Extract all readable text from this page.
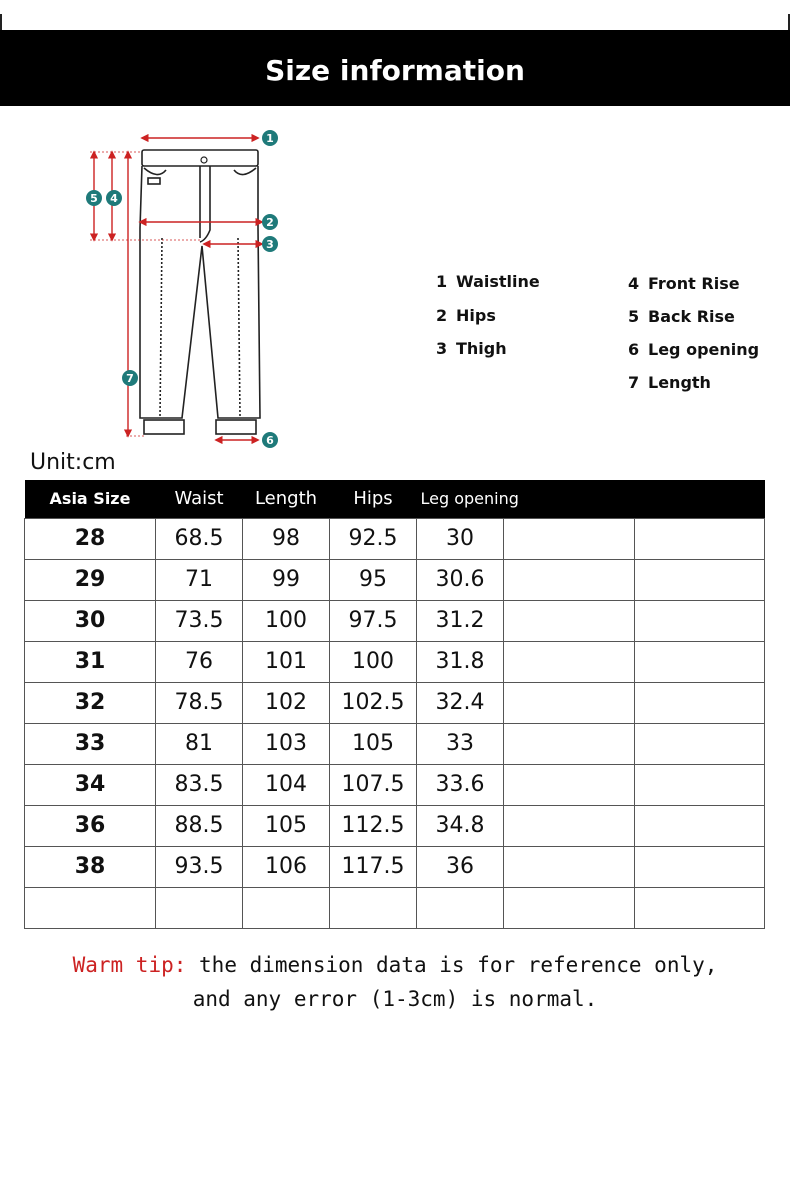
Size information
1
2
3
4
5
6
7
1 Waistline
2 Hips
3 Thigh
4 Front Rise
5 Back Rise
6 Leg opening
7 Length
Unit:cm
Asia Size	Waist	Length	Hips	Leg opening		
28	68.5	98	92.5	30		
29	71	99	95	30.6		
30	73.5	100	97.5	31.2		
31	76	101	100	31.8		
32	78.5	102	102.5	32.4		
33	81	103	105	33		
34	83.5	104	107.5	33.6		
36	88.5	105	112.5	34.8		
38	93.5	106	117.5	36		

Warm tip: the dimension data is for reference only,
and any error (1-3cm) is normal.
